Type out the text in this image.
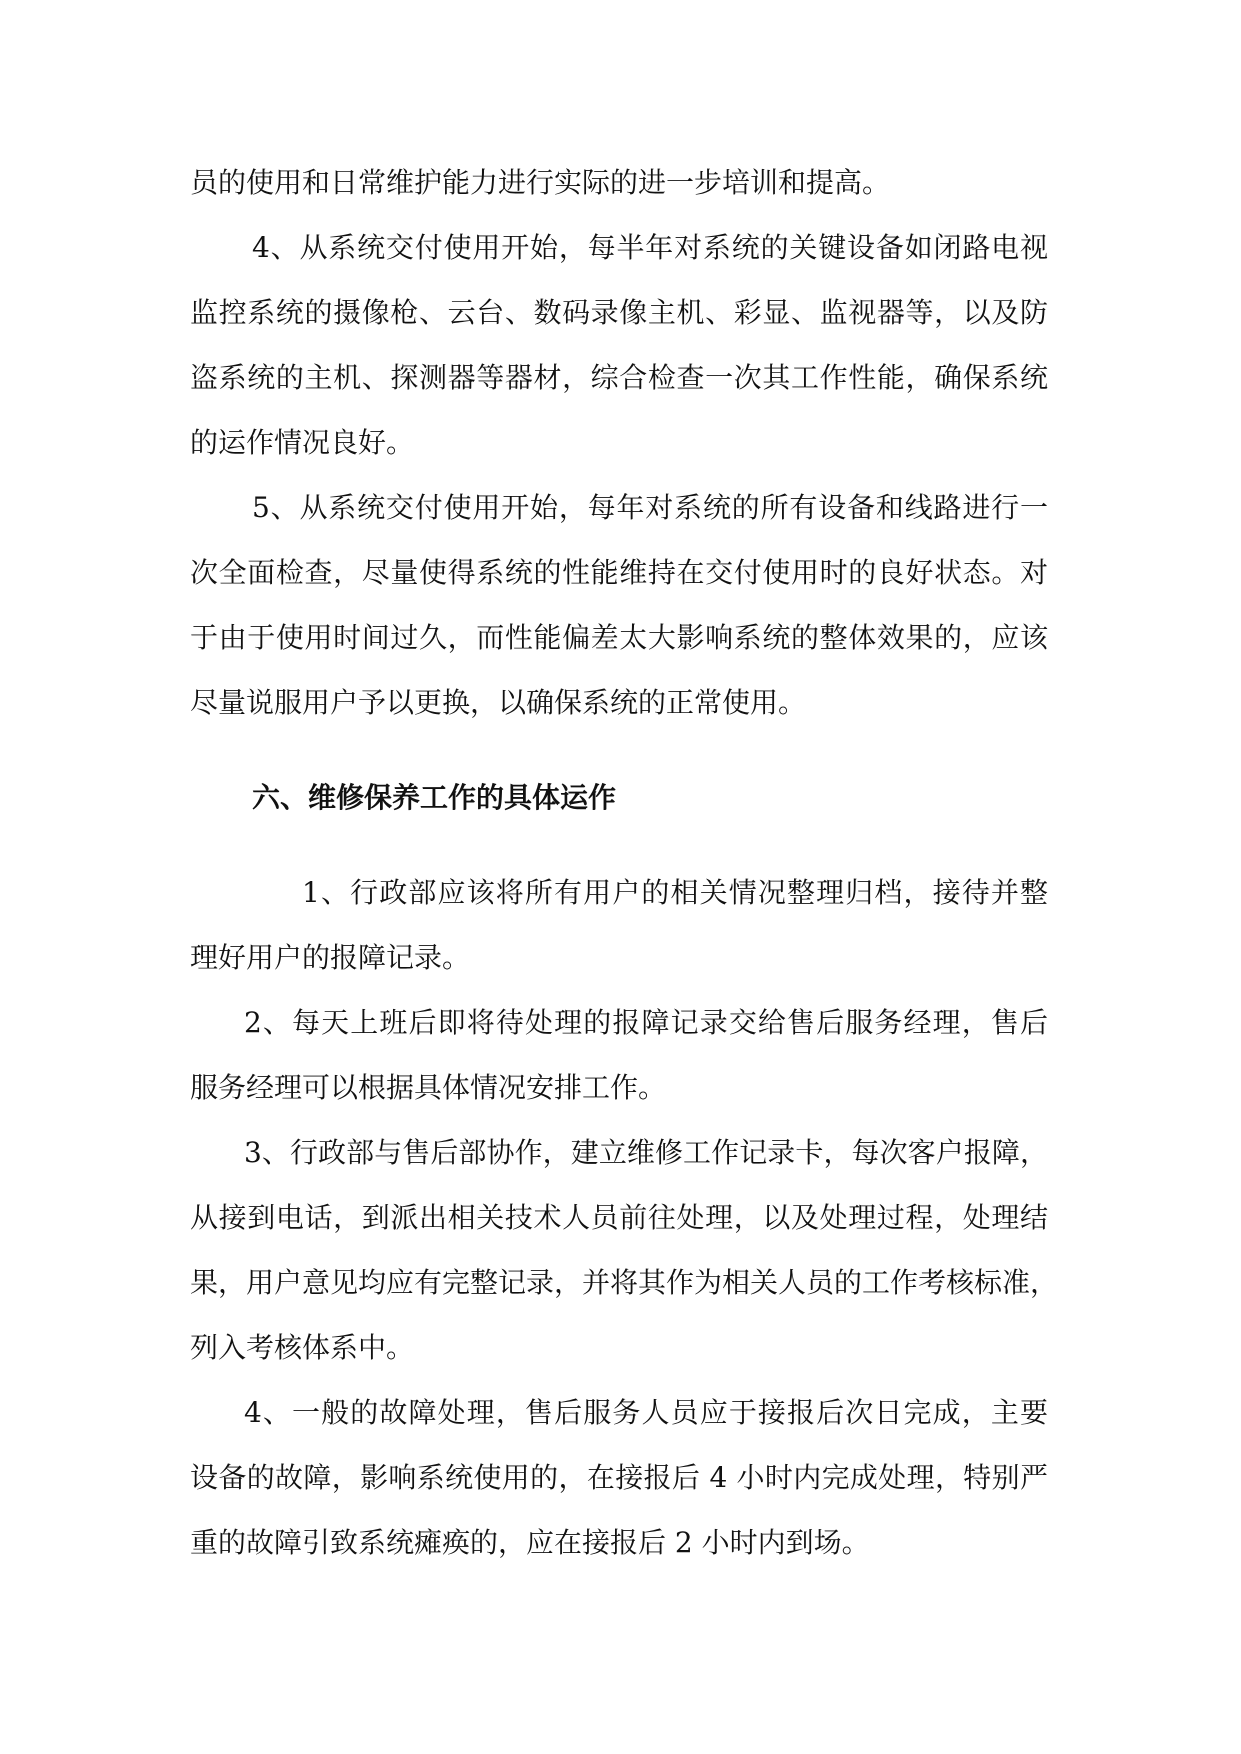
员的使用和日常维护能力进行实际的进一步培训和提高。
4、从系统交付使用开始，每半年对系统的关键设备如闭路电视
监控系统的摄像枪、云台、数码录像主机、彩显、监视器等，以及防
盗系统的主机、探测器等器材，综合检查一次其工作性能，确保系统
的运作情况良好。
5、从系统交付使用开始，每年对系统的所有设备和线路进行一
次全面检查，尽量使得系统的性能维持在交付使用时的良好状态。对
于由于使用时间过久，而性能偏差太大影响系统的整体效果的，应该
尽量说服用户予以更换，以确保系统的正常使用。
六、维修保养工作的具体运作
1、行政部应该将所有用户的相关情况整理归档，接待并整
理好用户的报障记录。
2、每天上班后即将待处理的报障记录交给售后服务经理，售后
服务经理可以根据具体情况安排工作。
3、行政部与售后部协作，建立维修工作记录卡，每次客户报障，
从接到电话，到派出相关技术人员前往处理，以及处理过程，处理结
果，用户意见均应有完整记录，并将其作为相关人员的工作考核标准，
列入考核体系中。
4、一般的故障处理，售后服务人员应于接报后次日完成，主要
设备的故障，影响系统使用的，在接报后 4 小时内完成处理，特别严
重的故障引致系统瘫痪的，应在接报后 2 小时内到场。
